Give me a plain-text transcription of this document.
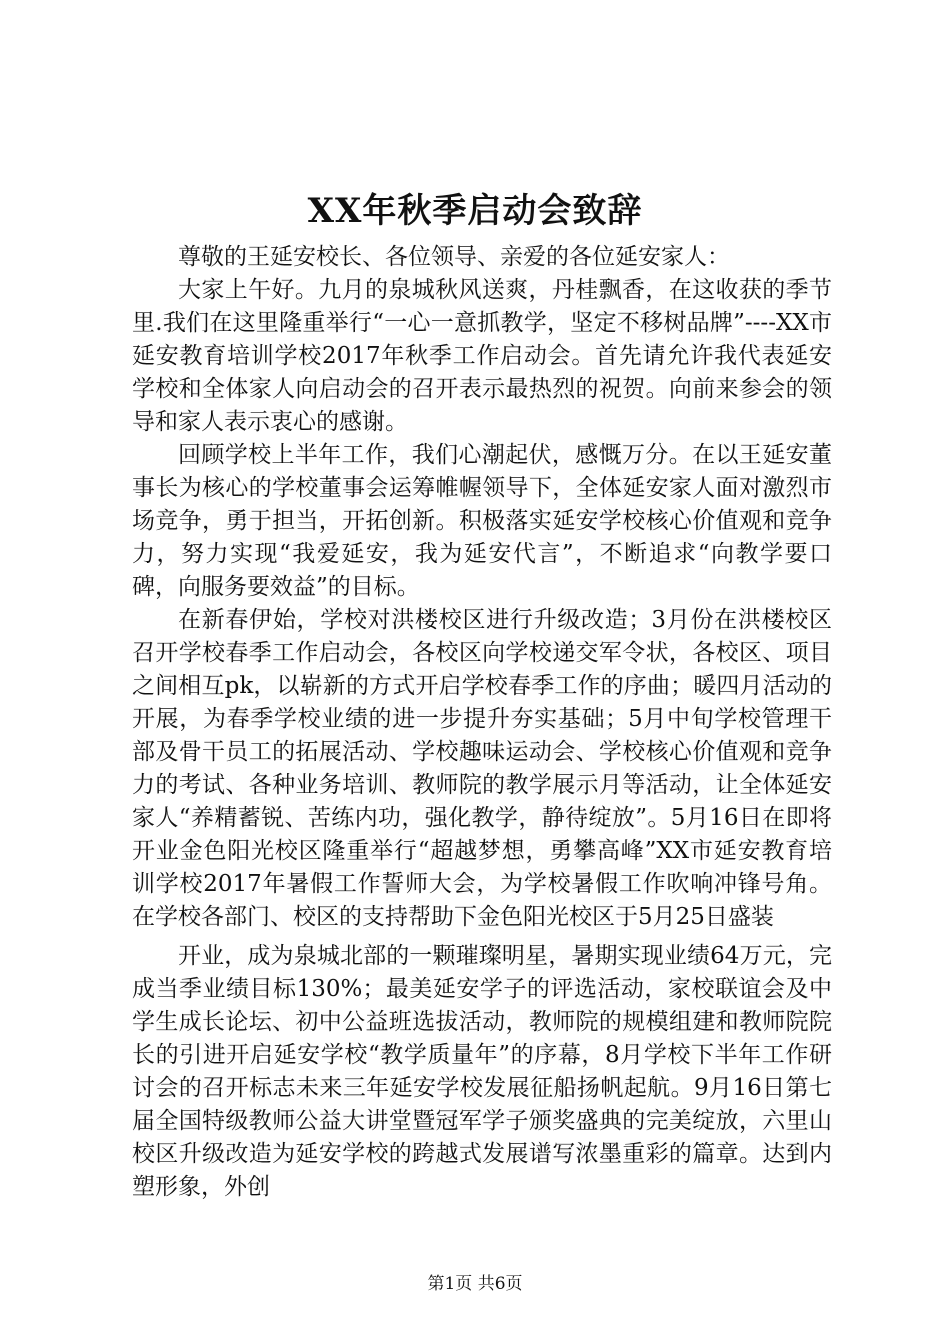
XX年秋季启动会致辞

尊敬的王延安校长、各位领导、亲爱的各位延安家人：

大家上午好。九月的泉城秋风送爽，丹桂飘香，在这收获的季节里.我们在这里隆重举行“一心一意抓教学，坚定不移树品牌”----XX市延安教育培训学校2017年秋季工作启动会。首先请允许我代表延安学校和全体家人向启动会的召开表示最热烈的祝贺。向前来参会的领导和家人表示衷心的感谢。

回顾学校上半年工作，我们心潮起伏，感慨万分。在以王延安董事长为核心的学校董事会运筹帷幄领导下，全体延安家人面对激烈市场竞争，勇于担当，开拓创新。积极落实延安学校核心价值观和竞争力，努力实现“我爱延安，我为延安代言”，不断追求“向教学要口碑，向服务要效益”的目标。

在新春伊始，学校对洪楼校区进行升级改造；3月份在洪楼校区召开学校春季工作启动会，各校区向学校递交军令状，各校区、项目之间相互pk，以崭新的方式开启学校春季工作的序曲；暖四月活动的开展，为春季学校业绩的进一步提升夯实基础；5月中旬学校管理干部及骨干员工的拓展活动、学校趣味运动会、学校核心价值观和竞争力的考试、各种业务培训、教师院的教学展示月等活动，让全体延安家人“养精蓄锐、苦练内功，强化教学，静待绽放”。5月16日在即将开业金色阳光校区隆重举行“超越梦想，勇攀高峰”XX市延安教育培训学校2017年暑假工作誓师大会，为学校暑假工作吹响冲锋号角。在学校各部门、校区的支持帮助下金色阳光校区于5月25日盛装

开业，成为泉城北部的一颗璀璨明星，暑期实现业绩64万元，完成当季业绩目标130%；最美延安学子的评选活动，家校联谊会及中学生成长论坛、初中公益班选拔活动，教师院的规模组建和教师院院长的引进开启延安学校“教学质量年”的序幕，8月学校下半年工作研讨会的召开标志未来三年延安学校发展征船扬帆起航。9月16日第七届全国特级教师公益大讲堂暨冠军学子颁奖盛典的完美绽放，六里山校区升级改造为延安学校的跨越式发展谱写浓墨重彩的篇章。达到内塑形象，外创

第1页 共6页
